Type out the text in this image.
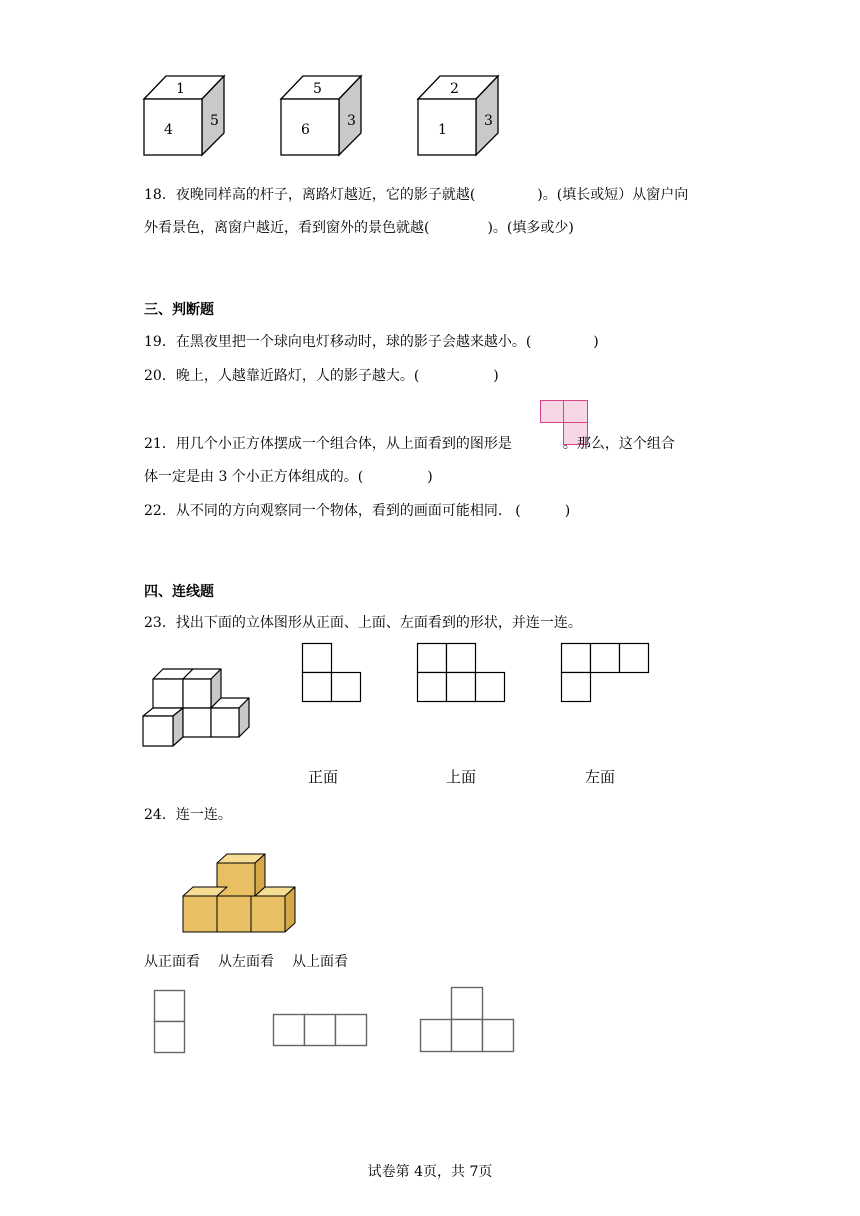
1
4
5
5
6
3
2
1
3
18．夜晚同样高的杆子，离路灯越近，它的影子就越(	)。(填长或短）从窗户向
外看景色，离窗户越近，看到窗外的景色就越(	)。(填多或少)
三、判断题
19．在黑夜里把一个球向电灯移动时，球的影子会越来越小。(	)
20．晚上，人越靠近路灯，人的影子越大。(	)
21．用几个小正方体摆成一个组合体，从上面看到的图形是	。那么，这个组合
体一定是由 3 个小正方体组成的。(	)
22．从不同的方向观察同一个物体，看到的画面可能相同. (	)
四、连线题
23．找出下面的立体图形从正面、上面、左面看到的形状，并连一连。
正面	上面	左面
24．连一连。
从正面看 从左面看 从上面看
试卷第 4页，共 7页
